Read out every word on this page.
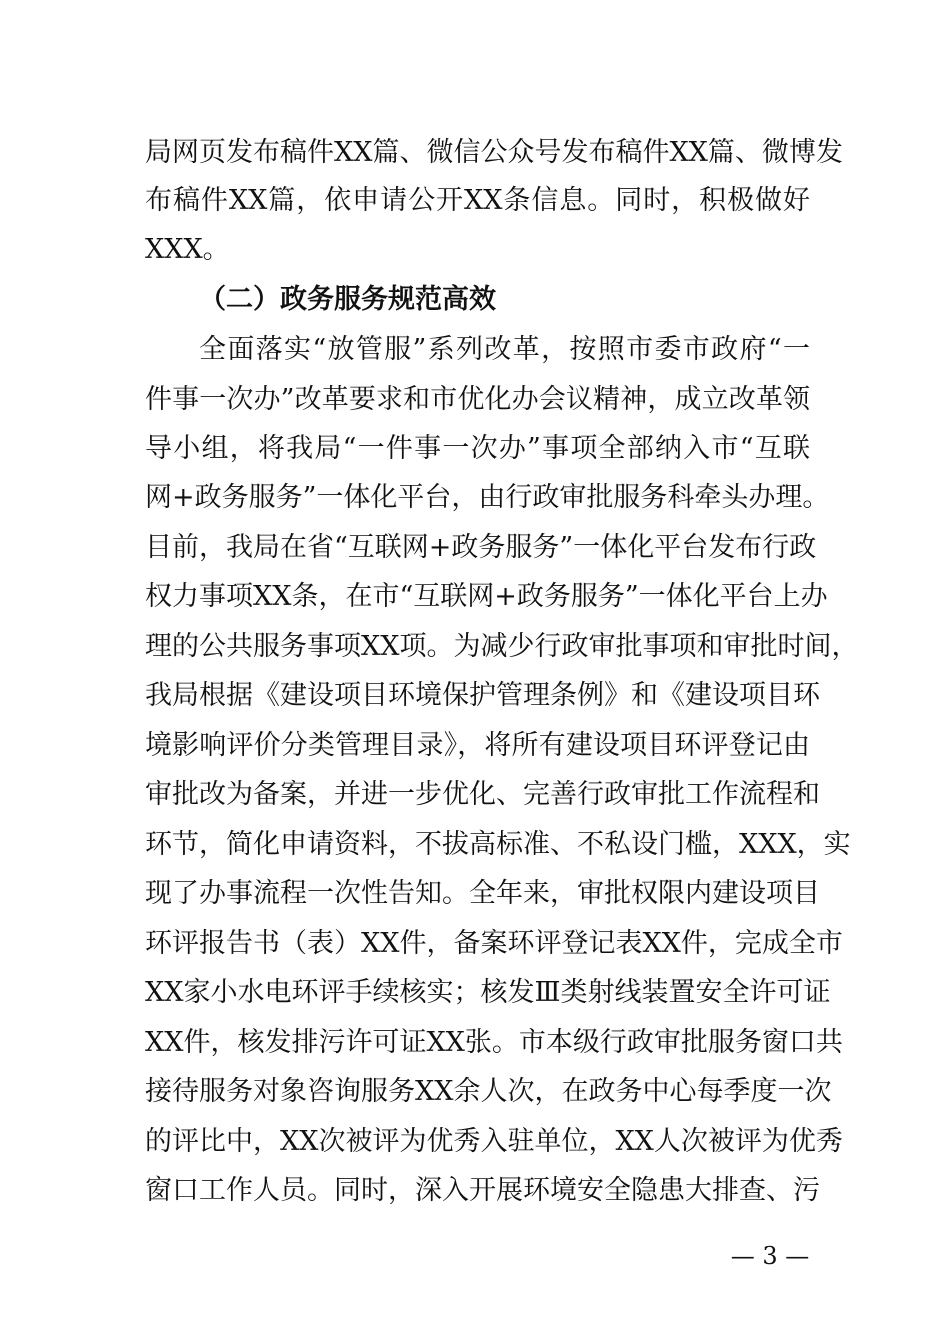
局网页发布稿件XX篇、微信公众号发布稿件XX篇、微博发
布稿件XX篇，依申请公开XX条信息。同时，积极做好
XXX。
（二）政务服务规范高效
全面落实“放管服”系列改革，按照市委市政府“一
件事一次办”改革要求和市优化办会议精神，成立改革领
导小组，将我局“一件事一次办”事项全部纳入市“互联
网+政务服务”一体化平台，由行政审批服务科牵头办理。
目前，我局在省“互联网+政务服务”一体化平台发布行政
权力事项XX条，在市“互联网+政务服务”一体化平台上办
理的公共服务事项XX项。为减少行政审批事项和审批时间，
我局根据《建设项目环境保护管理条例》和《建设项目环
境影响评价分类管理目录》，将所有建设项目环评登记由
审批改为备案，并进一步优化、完善行政审批工作流程和
环节，简化申请资料，不拔高标准、不私设门槛，XXX，实
现了办事流程一次性告知。全年来，审批权限内建设项目
环评报告书（表）XX件，备案环评登记表XX件，完成全市
XX家小水电环评手续核实；核发Ⅲ类射线装置安全许可证
XX件，核发排污许可证XX张。市本级行政审批服务窗口共
接待服务对象咨询服务XX余人次，在政务中心每季度一次
的评比中，XX次被评为优秀入驻单位，XX人次被评为优秀
窗口工作人员。同时，深入开展环境安全隐患大排查、污
— 3 —
